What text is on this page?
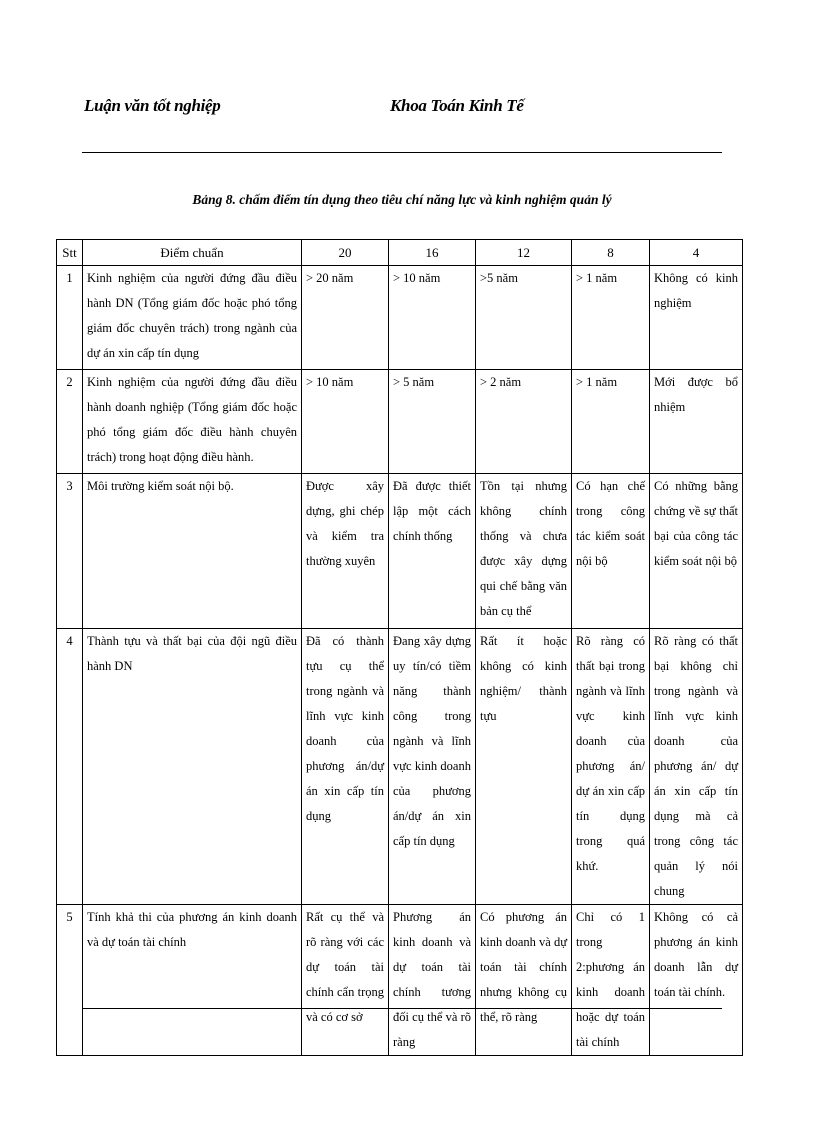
Luận văn tốt nghiệp	Khoa Toán Kinh Tế
Bảng 8. chấm điểm tín dụng theo tiêu chí năng lực và kinh nghiệm quản lý
Stt	Điểm chuẩn	20	16	12	8	4
1	Kinh nghiệm của người đứng đầu điều hành DN (Tổng giám đốc hoặc phó tổng giám đốc chuyên trách) trong ngành của dự án xin cấp tín dụng	> 20 năm	> 10 năm	>5 năm	> 1 năm	Không có kinh nghiệm
2	Kinh nghiệm của người đứng đầu điều hành doanh nghiệp (Tổng giám đốc hoặc phó tổng giám đốc điều hành chuyên trách) trong hoạt động điều hành.	> 10 năm	> 5 năm	> 2 năm	> 1 năm	Mới được bổ nhiệm
3	Môi trường kiểm soát nội bộ.	Được xây dựng, ghi chép và kiểm tra thường xuyên	Đã được thiết lập một cách chính thống	Tồn tại nhưng không chính thống và chưa được xây dựng qui chế bằng văn bản cụ thể	Có hạn chế trong công tác kiểm soát nội bộ	Có những bằng chứng về sự thất bại của công tác kiểm soát nội bộ
4	Thành tựu và thất bại của đội ngũ điều hành DN	Đã có thành tựu cụ thể trong ngành và lĩnh vực kinh doanh của phương án/dự án xin cấp tín dụng	Đang xây dựng uy tín/có tiềm năng thành công trong ngành và lĩnh vực kinh doanh của phương án/dự án xin cấp tín dụng	Rất ít hoặc không có kinh nghiệm/ thành tựu	Rõ ràng có thất bại trong ngành và lĩnh vực kinh doanh của phương án/ dự án xin cấp tín dụng trong quá khứ.	Rõ ràng có thất bại không chỉ trong ngành và lĩnh vực kinh doanh của phương án/ dự án xin cấp tín dụng mà cả trong công tác quản lý nói chung
5	Tính khả thi của phương án kinh doanh và dự toán tài chính	Rất cụ thể và rõ ràng với các dự toán tài chính cẩn trọng và có cơ sở	Phương án kinh doanh và dự toán tài chính tương đối cụ thể và rõ ràng	Có phương án kinh doanh và dự toán tài chính nhưng không cụ thể, rõ ràng	Chỉ có 1 trong 2:phương án kinh doanh hoặc dự toán tài chính	Không có cả phương án kinh doanh lẫn dự toán tài chính.
